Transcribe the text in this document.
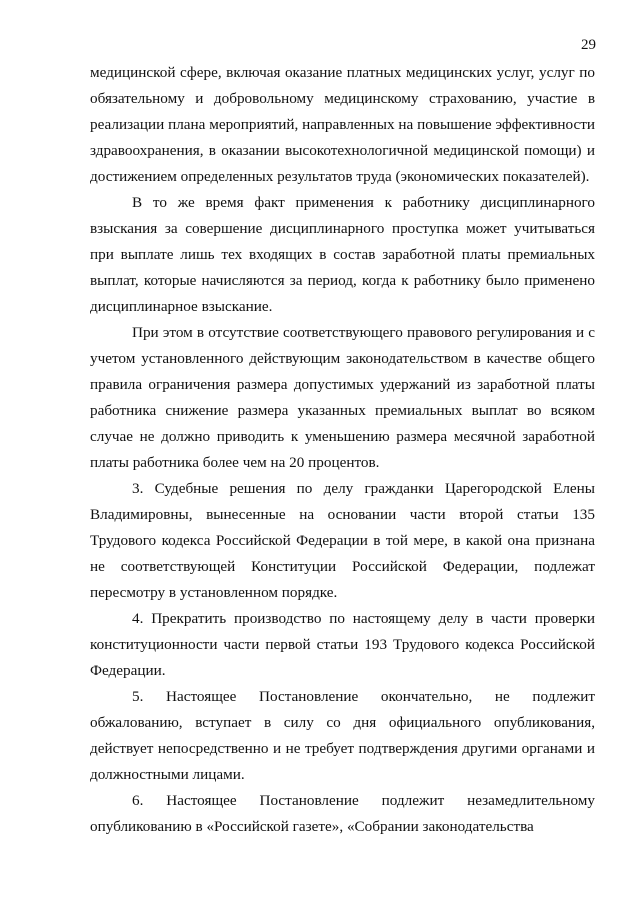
29

медицинской сфере, включая оказание платных медицинских услуг, услуг по обязательному и добровольному медицинскому страхованию, участие в реализации плана мероприятий, направленных на повышение эффективности здравоохранения, в оказании высокотехнологичной медицинской помощи) и достижением определенных результатов труда (экономических показателей).

В то же время факт применения к работнику дисциплинарного взыскания за совершение дисциплинарного проступка может учитываться при выплате лишь тех входящих в состав заработной платы премиальных выплат, которые начисляются за период, когда к работнику было применено дисциплинарное взыскание.

При этом в отсутствие соответствующего правового регулирования и с учетом установленного действующим законодательством в качестве общего правила ограничения размера допустимых удержаний из заработной платы работника снижение размера указанных премиальных выплат во всяком случае не должно приводить к уменьшению размера месячной заработной платы работника более чем на 20 процентов.

3. Судебные решения по делу гражданки Царегородской Елены Владимировны, вынесенные на основании части второй статьи 135 Трудового кодекса Российской Федерации в той мере, в какой она признана не соответствующей Конституции Российской Федерации, подлежат пересмотру в установленном порядке.

4. Прекратить производство по настоящему делу в части проверки конституционности части первой статьи 193 Трудового кодекса Российской Федерации.

5. Настоящее Постановление окончательно, не подлежит обжалованию, вступает в силу со дня официального опубликования, действует непосредственно и не требует подтверждения другими органами и должностными лицами.

6. Настоящее Постановление подлежит незамедлительному опубликованию в «Российской газете», «Собрании законодательства
